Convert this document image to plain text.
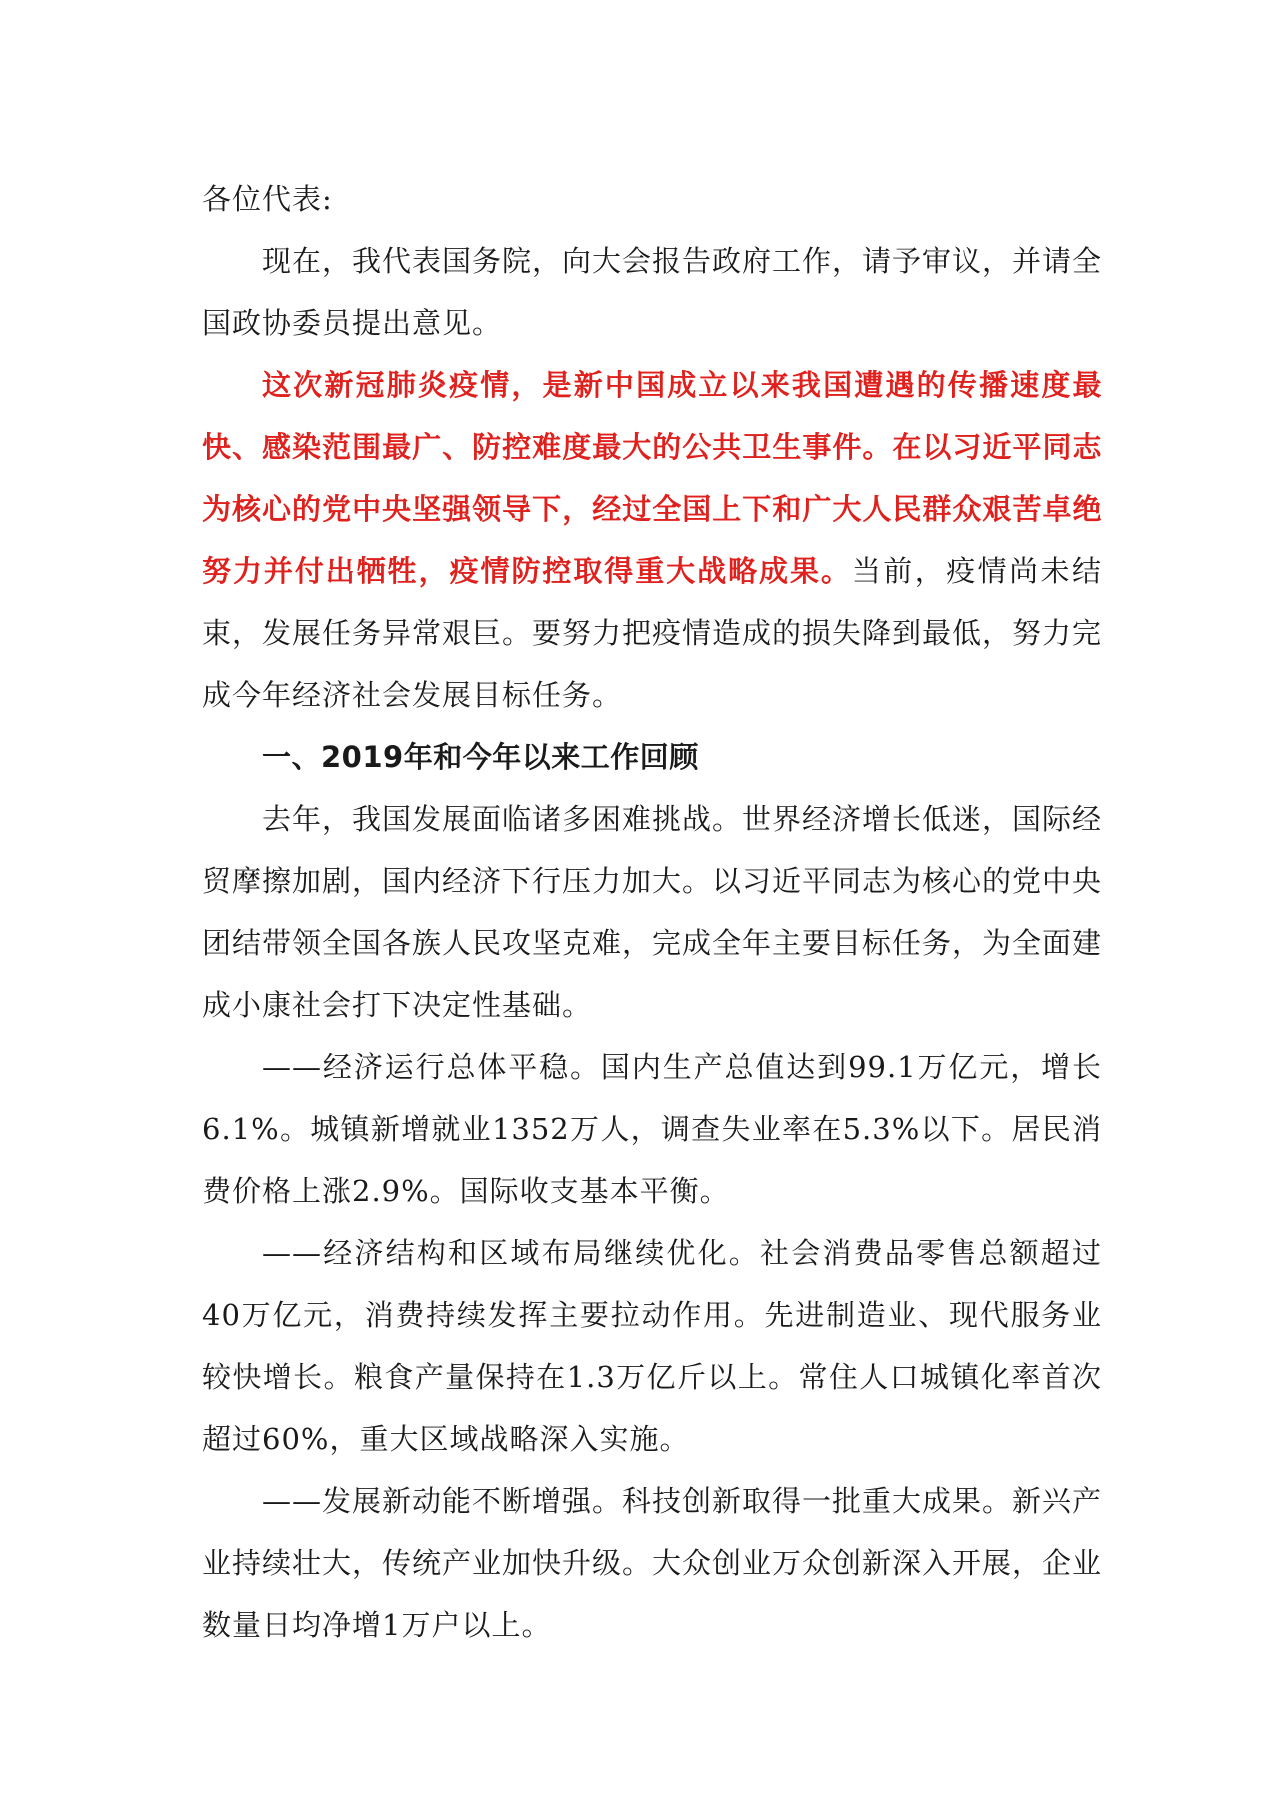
各位代表:

现在，我代表国务院，向大会报告政府工作，请予审议，并请全国政协委员提出意见。

这次新冠肺炎疫情，是新中国成立以来我国遭遇的传播速度最快、感染范围最广、防控难度最大的公共卫生事件。在以习近平同志为核心的党中央坚强领导下，经过全国上下和广大人民群众艰苦卓绝努力并付出牺牲，疫情防控取得重大战略成果。当前，疫情尚未结束，发展任务异常艰巨。要努力把疫情造成的损失降到最低，努力完成今年经济社会发展目标任务。

一、2019年和今年以来工作回顾

去年，我国发展面临诸多困难挑战。世界经济增长低迷，国际经贸摩擦加剧，国内经济下行压力加大。以习近平同志为核心的党中央团结带领全国各族人民攻坚克难，完成全年主要目标任务，为全面建成小康社会打下决定性基础。

——经济运行总体平稳。国内生产总值达到99.1万亿元，增长6.1%。城镇新增就业1352万人，调查失业率在5.3%以下。居民消费价格上涨2.9%。国际收支基本平衡。

——经济结构和区域布局继续优化。社会消费品零售总额超过40万亿元，消费持续发挥主要拉动作用。先进制造业、现代服务业较快增长。粮食产量保持在1.3万亿斤以上。常住人口城镇化率首次超过60%，重大区域战略深入实施。

——发展新动能不断增强。科技创新取得一批重大成果。新兴产业持续壮大，传统产业加快升级。大众创业万众创新深入开展，企业数量日均净增1万户以上。
